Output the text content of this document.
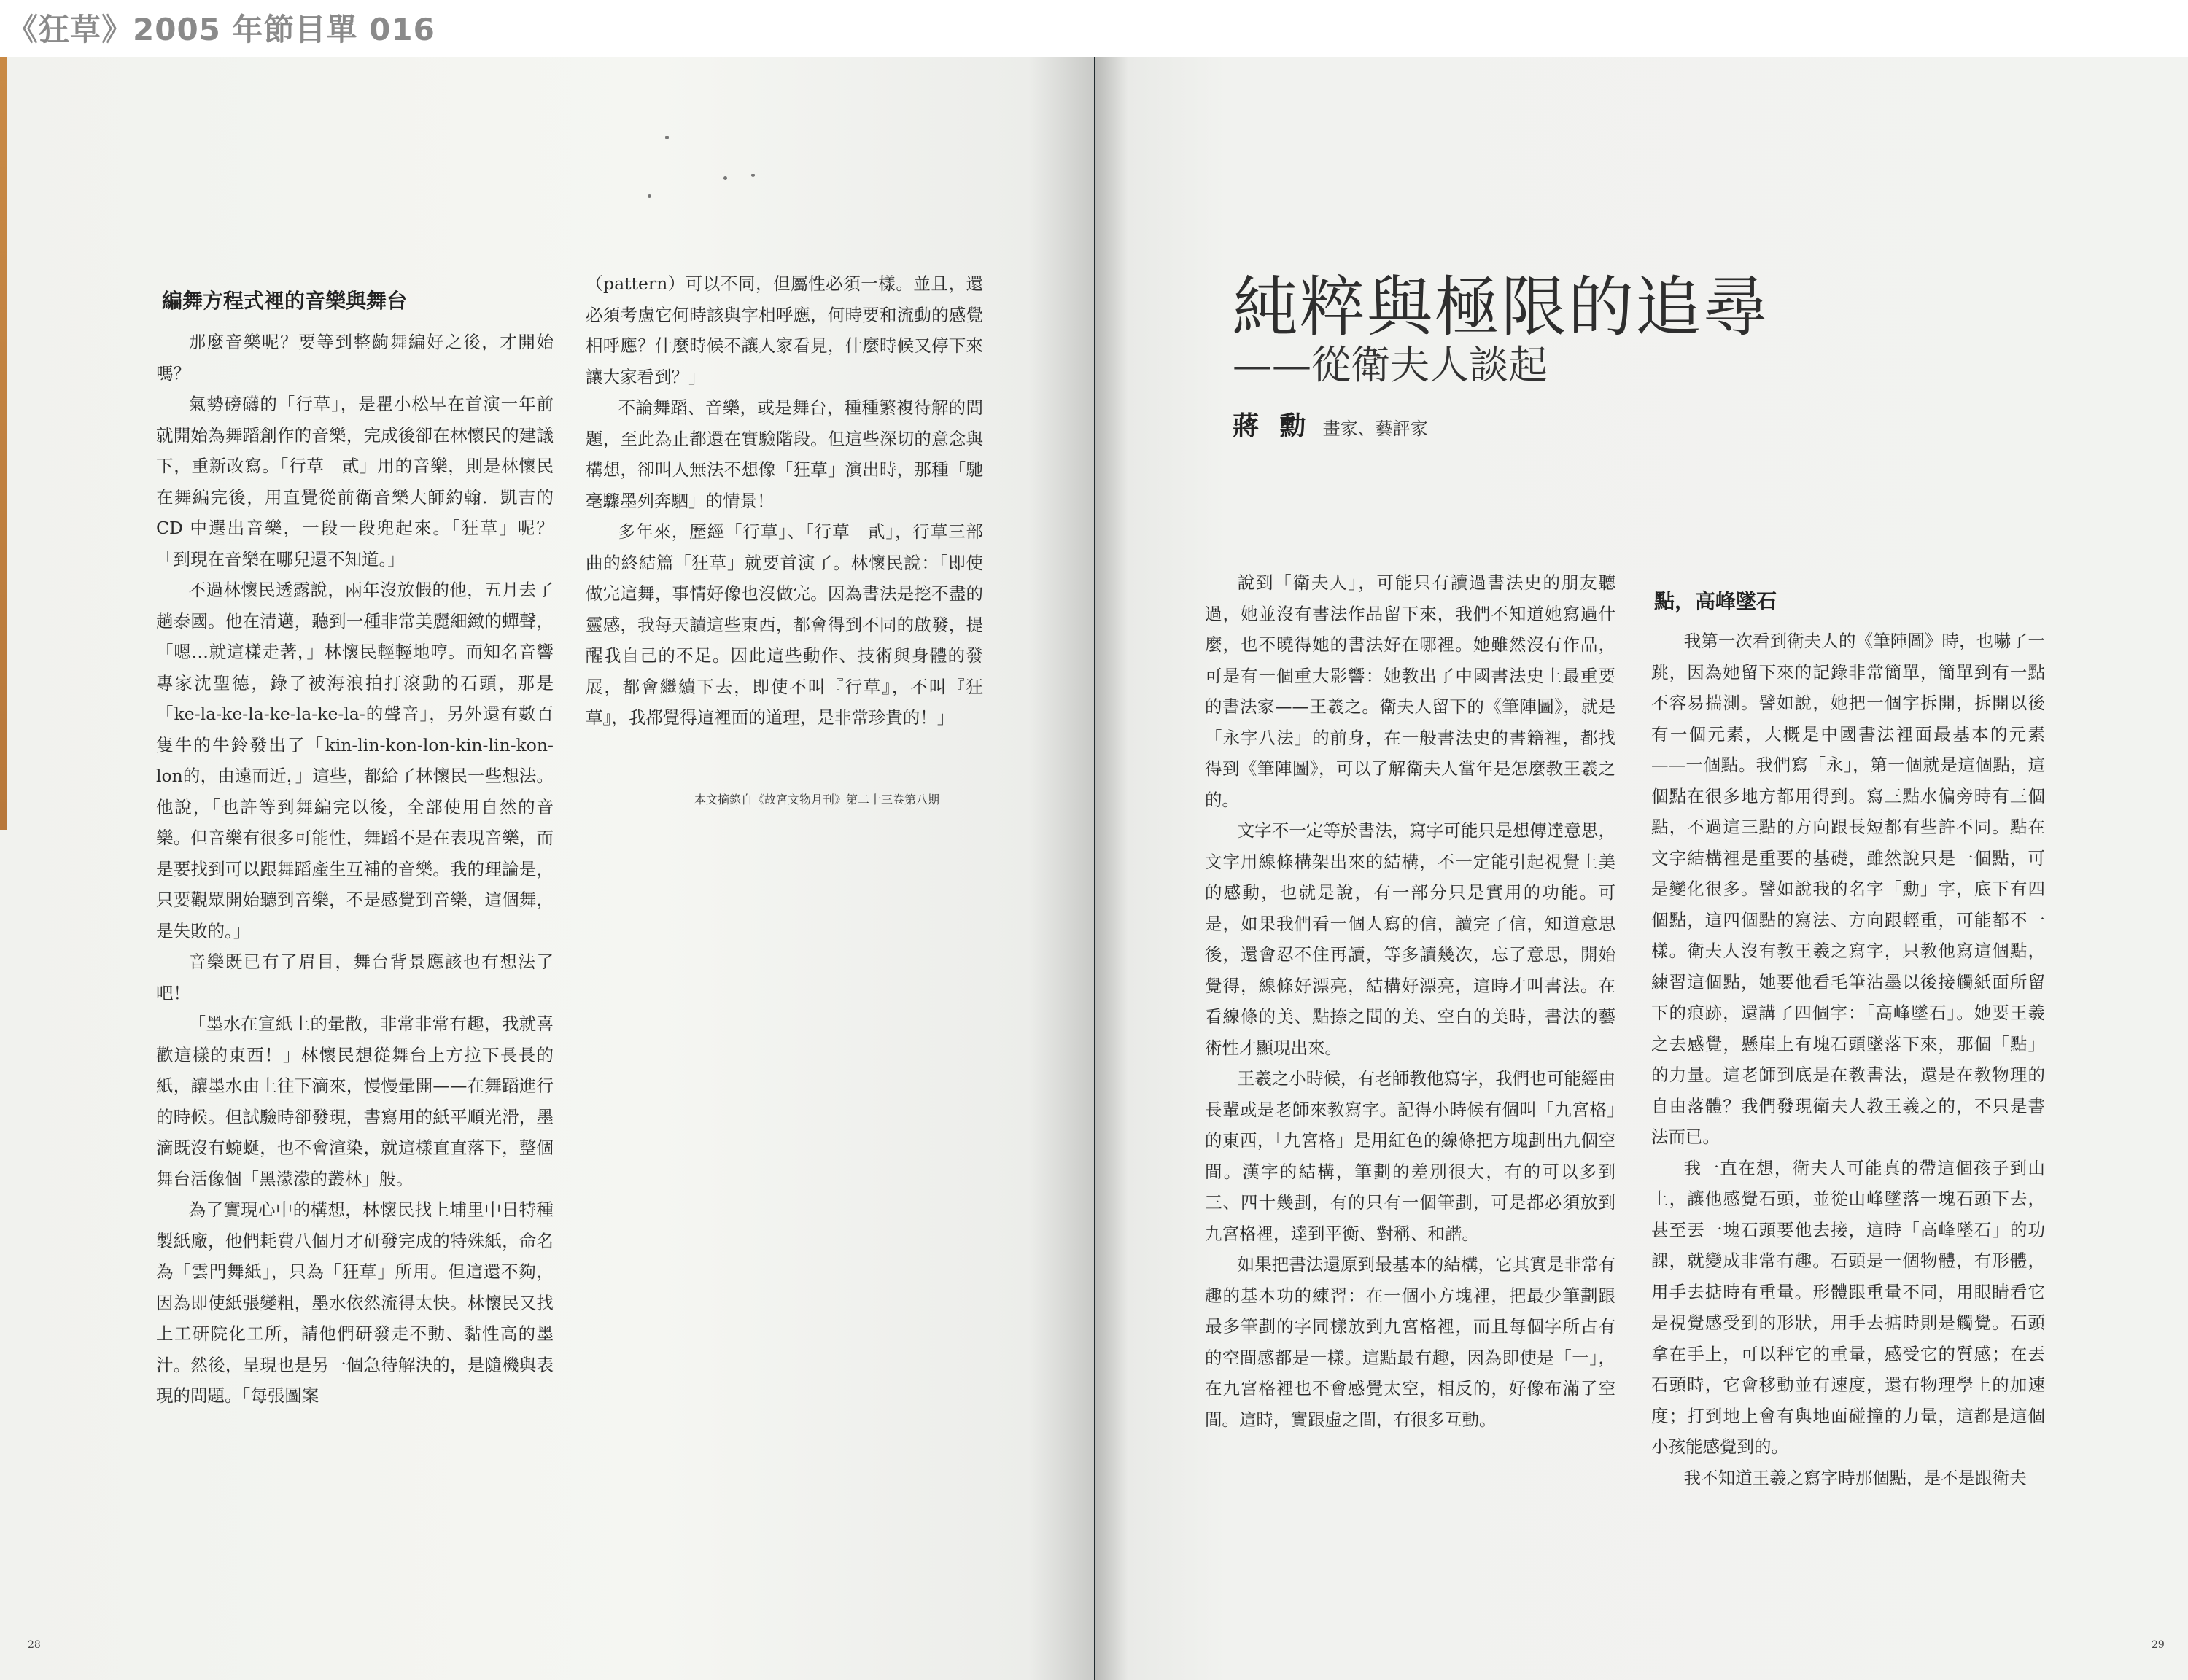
《狂草》2005 年節目單 016
編舞方程式裡的音樂與舞台

那麼音樂呢？要等到整齣舞編好之後，才開始嗎？

氣勢磅礴的「行草」，是瞿小松早在首演一年前就開始為舞蹈創作的音樂，完成後卻在林懷民的建議下，重新改寫。「行草　貳」用的音樂，則是林懷民在舞編完後，用直覺從前衛音樂大師約翰．凱吉的 CD 中選出音樂，一段一段兜起來。「狂草」呢？「到現在音樂在哪兒還不知道。」

不過林懷民透露說，兩年沒放假的他，五月去了趟泰國。他在清邁，聽到一種非常美麗細緻的蟬聲，「嗯…就這樣走著，」林懷民輕輕地哼。而知名音響專家沈聖德，錄了被海浪拍打滾動的石頭，那是「ke-la-ke-la-ke-la-ke-la-的聲音」，另外還有數百隻牛的牛鈴發出了「kin-lin-kon-lon-kin-lin-kon-lon的，由遠而近，」這些，都給了林懷民一些想法。他說，「也許等到舞編完以後，全部使用自然的音樂。但音樂有很多可能性，舞蹈不是在表現音樂，而是要找到可以跟舞蹈產生互補的音樂。我的理論是，只要觀眾開始聽到音樂，不是感覺到音樂，這個舞，是失敗的。」

音樂既已有了眉目，舞台背景應該也有想法了吧！

「墨水在宣紙上的暈散，非常非常有趣，我就喜歡這樣的東西！」林懷民想從舞台上方拉下長長的紙，讓墨水由上往下滴來，慢慢暈開——在舞蹈進行的時候。但試驗時卻發現，書寫用的紙平順光滑，墨滴既沒有蜿蜒，也不會渲染，就這樣直直落下，整個舞台活像個「黑濛濛的叢林」般。

為了實現心中的構想，林懷民找上埔里中日特種製紙廠，他們耗費八個月才研發完成的特殊紙，命名為「雲門舞紙」，只為「狂草」所用。但這還不夠，因為即使紙張變粗，墨水依然流得太快。林懷民又找上工研院化工所，請他們研發走不動、黏性高的墨汁。然後，呈現也是另一個急待解決的，是隨機與表現的問題。「每張圖案

（pattern）可以不同，但屬性必須一樣。並且，還必須考慮它何時該與字相呼應，何時要和流動的感覺相呼應？什麼時候不讓人家看見，什麼時候又停下來讓大家看到？」

不論舞蹈、音樂，或是舞台，種種繁複待解的問題，至此為止都還在實驗階段。但這些深切的意念與構想，卻叫人無法不想像「狂草」演出時，那種「馳毫驟墨列奔駟」的情景！

多年來，歷經「行草」、「行草　貳」，行草三部曲的終結篇「狂草」就要首演了。林懷民說：「即使做完這舞，事情好像也沒做完。因為書法是挖不盡的靈感，我每天讀這些東西，都會得到不同的啟發，提醒我自己的不足。因此這些動作、技術與身體的發展，都會繼續下去，即使不叫『行草』，不叫『狂草』，我都覺得這裡面的道理，是非常珍貴的！」

本文摘錄自《故宮文物月刊》第二十三卷第八期
28	29
純粹與極限的追尋
——從衛夫人談起
蔣 勳 畫家、藝評家

說到「衛夫人」，可能只有讀過書法史的朋友聽過，她並沒有書法作品留下來，我們不知道她寫過什麼，也不曉得她的書法好在哪裡。她雖然沒有作品，可是有一個重大影響：她教出了中國書法史上最重要的書法家——王羲之。衛夫人留下的《筆陣圖》，就是「永字八法」的前身，在一般書法史的書籍裡，都找得到《筆陣圖》，可以了解衛夫人當年是怎麼教王羲之的。

文字不一定等於書法，寫字可能只是想傳達意思，文字用線條構架出來的結構，不一定能引起視覺上美的感動，也就是說，有一部分只是實用的功能。可是，如果我們看一個人寫的信，讀完了信，知道意思後，還會忍不住再讀，等多讀幾次，忘了意思，開始覺得，線條好漂亮，結構好漂亮，這時才叫書法。在看線條的美、點捺之間的美、空白的美時，書法的藝術性才顯現出來。

王羲之小時候，有老師教他寫字，我們也可能經由長輩或是老師來教寫字。記得小時候有個叫「九宮格」的東西，「九宮格」是用紅色的線條把方塊劃出九個空間。漢字的結構，筆劃的差別很大，有的可以多到三、四十幾劃，有的只有一個筆劃，可是都必須放到九宮格裡，達到平衡、對稱、和諧。

如果把書法還原到最基本的結構，它其實是非常有趣的基本功的練習：在一個小方塊裡，把最少筆劃跟最多筆劃的字同樣放到九宮格裡，而且每個字所占有的空間感都是一樣。這點最有趣，因為即使是「一」，在九宮格裡也不會感覺太空，相反的，好像布滿了空間。這時，實跟虛之間，有很多互動。

點，高峰墜石

我第一次看到衛夫人的《筆陣圖》時，也嚇了一跳，因為她留下來的記錄非常簡單，簡單到有一點不容易揣測。譬如說，她把一個字拆開，拆開以後有一個元素，大概是中國書法裡面最基本的元素——一個點。我們寫「永」，第一個就是這個點，這個點在很多地方都用得到。寫三點水偏旁時有三個點，不過這三點的方向跟長短都有些許不同。點在文字結構裡是重要的基礎，雖然說只是一個點，可是變化很多。譬如說我的名字「勳」字，底下有四個點，這四個點的寫法、方向跟輕重，可能都不一樣。衛夫人沒有教王羲之寫字，只教他寫這個點，練習這個點，她要他看毛筆沾墨以後接觸紙面所留下的痕跡，還講了四個字：「高峰墜石」。她要王羲之去感覺，懸崖上有塊石頭墜落下來，那個「點」的力量。這老師到底是在教書法，還是在教物理的自由落體？我們發現衛夫人教王羲之的，不只是書法而已。

我一直在想，衛夫人可能真的帶這個孩子到山上，讓他感覺石頭，並從山峰墜落一塊石頭下去，甚至丟一塊石頭要他去接，這時「高峰墜石」的功課，就變成非常有趣。石頭是一個物體，有形體，用手去掂時有重量。形體跟重量不同，用眼睛看它是視覺感受到的形狀，用手去掂時則是觸覺。石頭拿在手上，可以秤它的重量，感受它的質感；在丟石頭時，它會移動並有速度，還有物理學上的加速度；打到地上會有與地面碰撞的力量，這都是這個小孩能感覺到的。

我不知道王羲之寫字時那個點，是不是跟衛夫
